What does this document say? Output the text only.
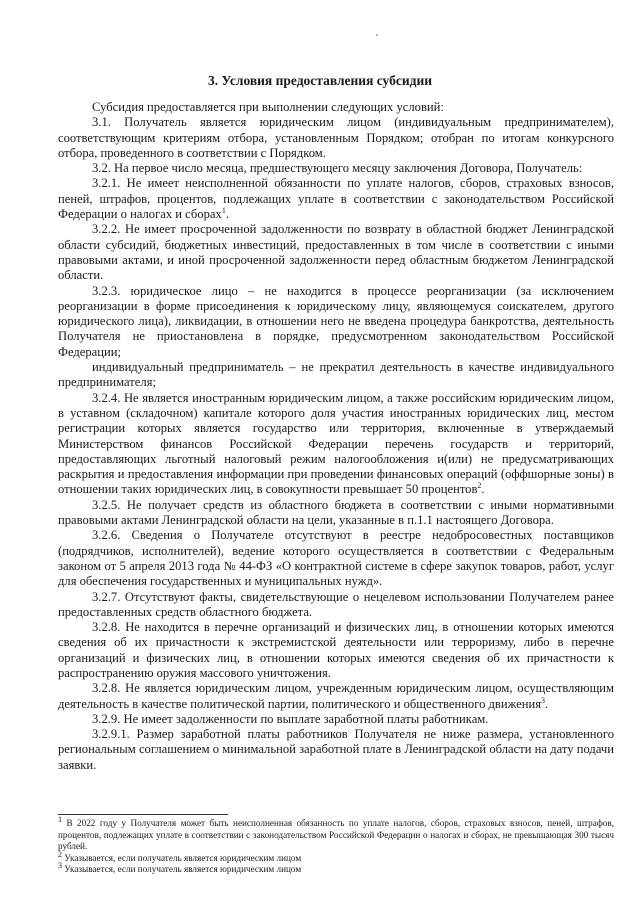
3. Условия предоставления субсидии

Субсидия предоставляется при выполнении следующих условий:

3.1. Получатель является юридическим лицом (индивидуальным предпринимателем), соответствующим критериям отбора, установленным Порядком; отобран по итогам конкурсного отбора, проведенного в соответствии с Порядком.

3.2. На первое число месяца, предшествующего месяцу заключения Договора, Получатель:

3.2.1. Не имеет неисполненной обязанности по уплате налогов, сборов, страховых взносов, пеней, штрафов, процентов, подлежащих уплате в соответствии с законодательством Российской Федерации о налогах и сборах$^1$.

3.2.2. Не имеет просроченной задолженности по возврату в областной бюджет Ленинградской области субсидий, бюджетных инвестиций, предоставленных в том числе в соответствии с иными правовыми актами, и иной просроченной задолженности перед областным бюджетом Ленинградской области.

3.2.3. юридическое лицо – не находится в процессе реорганизации (за исключением реорганизации в форме присоединения к юридическому лицу, являющемуся соискателем, другого юридического лица), ликвидации, в отношении него не введена процедура банкротства, деятельность Получателя не приостановлена в порядке, предусмотренном законодательством Российской Федерации;

индивидуальный предприниматель – не прекратил деятельность в качестве индивидуального предпринимателя;

3.2.4. Не является иностранным юридическим лицом, а также российским юридическим лицом, в уставном (складочном) капитале которого доля участия иностранных юридических лиц, местом регистрации которых является государство или территория, включенные в утверждаемый Министерством финансов Российской Федерации перечень государств и территорий, предоставляющих льготный налоговый режим налогообложения и(или) не предусматривающих раскрытия и предоставления информации при проведении финансовых операций (оффшорные зоны) в отношении таких юридических лиц, в совокупности превышает 50 процентов$^2$.

3.2.5. Не получает средств из областного бюджета в соответствии с иными нормативными правовыми актами Ленинградской области на цели, указанные в п.1.1 настоящего Договора.

3.2.6. Сведения о Получателе отсутствуют в реестре недобросовестных поставщиков (подрядчиков, исполнителей), ведение которого осуществляется в соответствии с Федеральным законом от 5 апреля 2013 года № 44-ФЗ «О контрактной системе в сфере закупок товаров, работ, услуг для обеспечения государственных и муниципальных нужд».

3.2.7. Отсутствуют факты, свидетельствующие о нецелевом использовании Получателем ранее предоставленных средств областного бюджета.

3.2.8. Не находится в перечне организаций и физических лиц, в отношении которых имеются сведения об их причастности к экстремистской деятельности или терроризму, либо в перечне организаций и физических лиц, в отношении которых имеются сведения об их причастности к распространению оружия массового уничтожения.

3.2.8. Не является юридическим лицом, учрежденным юридическим лицом, осуществляющим деятельность в качестве политической партии, политического и общественного движения$^3$.

3.2.9. Не имеет задолженности по выплате заработной платы работникам.

3.2.9.1. Размер заработной платы работников Получателя не ниже размера, установленного региональным соглашением о минимальной заработной плате в Ленинградской области на дату подачи заявки.

$^1$ В 2022 году у Получателя может быть неисполненная обязанность по уплате налогов, сборов, страховых взносов, пеней, штрафов, процентов, подлежащих уплате в соответствии с законодательством Российской Федерации о налогах и сборах, не превышающая 300 тысяч рублей.

$^2$ Указывается, если получатель является юридическим лицом

$^3$ Указывается, если получатель является юридическим лицом
